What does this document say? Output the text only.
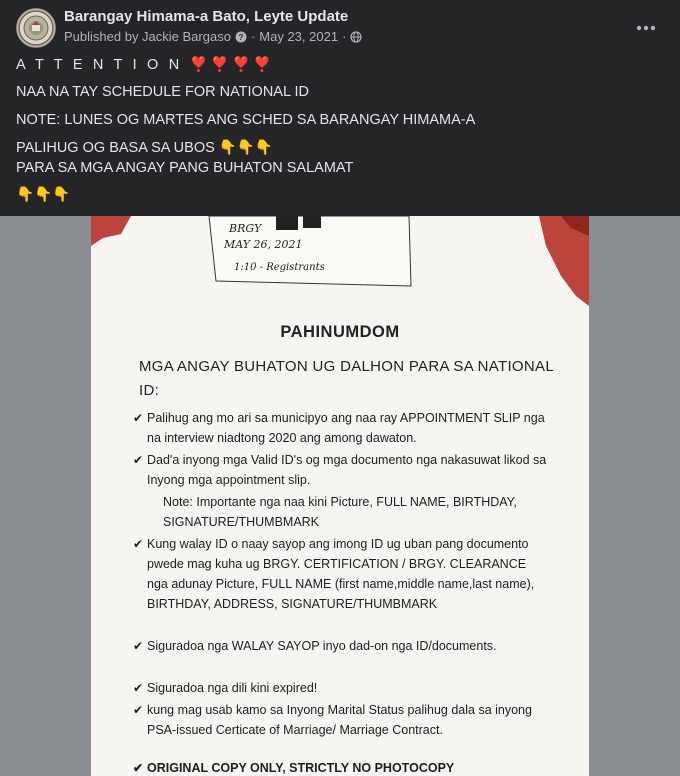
Barangay Himama-a Bato, Leyte Update
Published by Jackie Bargaso ? · May 23, 2021 ·

A T T E N T I O N ❣️❣️❣️❣️

NAA NA TAY SCHEDULE FOR NATIONAL ID

NOTE: LUNES OG MARTES ANG SCHED SA BARANGAY HIMAMA-A

PALIHUG OG BASA SA UBOS 👇👇👇

PARA SA MGA ANGAY PANG BUHATON SALAMAT

👇👇👇

BRGY
MAY 26, 2021
1:10 - Registrants
PAHINUMDOM
MGA ANGAY BUHATON UG DALHON PARA SA NATIONAL ID:
✔ Palihug ang mo ari sa municipyo ang naa ray APPOINTMENT SLIP nga na interview niadtong 2020 ang among dawaton.
✔ Dad'a inyong mga Valid ID's og mga documento nga nakasuwat likod sa Inyong mga appointment slip.
Note: Importante nga naa kini Picture, FULL NAME, BIRTHDAY, SIGNATURE/THUMBMARK
✔ Kung walay ID o naay sayop ang imong ID ug uban pang documento pwede mag kuha ug BRGY. CERTIFICATION / BRGY. CLEARANCE nga adunay Picture, FULL NAME (first name,middle name,last name), BIRTHDAY, ADDRESS, SIGNATURE/THUMBMARK
✔ Siguradoa nga WALAY SAYOP inyo dad-on nga ID/documents.
✔ Siguradoa nga dili kini expired!
✔ kung mag usab kamo sa Inyong Marital Status palihug dala sa inyong PSA-issued Certicate of Marriage/ Marriage Contract.
✔ ORIGINAL COPY ONLY, STRICTLY NO PHOTOCOPY
